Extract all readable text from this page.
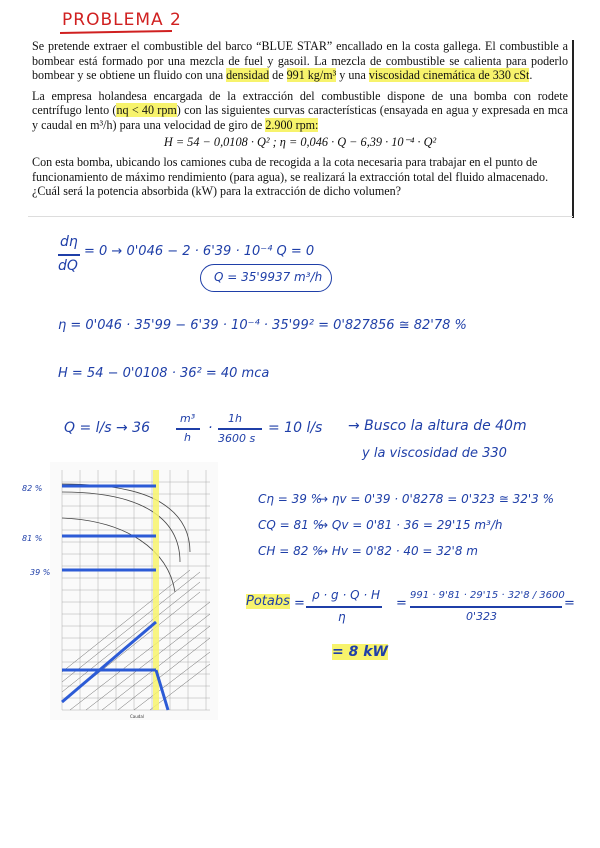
PROBLEMA 2

Se pretende extraer el combustible del barco “BLUE STAR” encallado en la costa gallega. El combustible a bombear está formado por una mezcla de fuel y gasoil. La mezcla de combustible se calienta para poderlo bombear y se obtiene un fluido con una densidad de 991 kg/m³ y una viscosidad cinemática de 330 cSt.

La empresa holandesa encargada de la extracción del combustible dispone de una bomba con rodete centrífugo lento (nq < 40 rpm) con las siguientes curvas características (ensayada en agua y expresada en mca y caudal en m³/h) para una velocidad de giro de 2.900 rpm:

H = 54 − 0,0108 · Q² ; η = 0,046 · Q − 6,39 · 10⁻⁴ · Q²

Con esta bomba, ubicando los camiones cuba de recogida a la cota necesaria para trabajar en el punto de funcionamiento de máximo rendimiento (para agua), se realizará la extracción total del fluido almacenado. ¿Cuál será la potencia absorbida (kW) para la extracción de dicho volumen?

dη
dQ
= 0 → 0'046 − 2 · 6'39 · 10⁻⁴ Q = 0
Q = 35'9937 m³/h
η = 0'046 · 35'99 − 6'39 · 10⁻⁴ · 35'99² = 0'827856 ≅ 82'78 %
H = 54 − 0'0108 · 36² = 40 mca
Q = l/s → 36
m³
h
·
1h
3600 s
= 10 l/s → Busco la altura de 40m
y la viscosidad de 330
Caudal
82 %
81 %
39 %
Cη = 39 %
→ ηv = 0'39 · 0'8278 = 0'323 ≅ 32'3 %
CQ = 81 %
→ Qv = 0'81 · 36 = 29'15 m³/h
CH = 82 %
→ Hv = 0'82 · 40 = 32'8 m
Potabs =
ρ · g · Q · H
η
=
991 · 9'81 · 29'15 · 32'8 / 3600
0'323
=
= 8 kW
